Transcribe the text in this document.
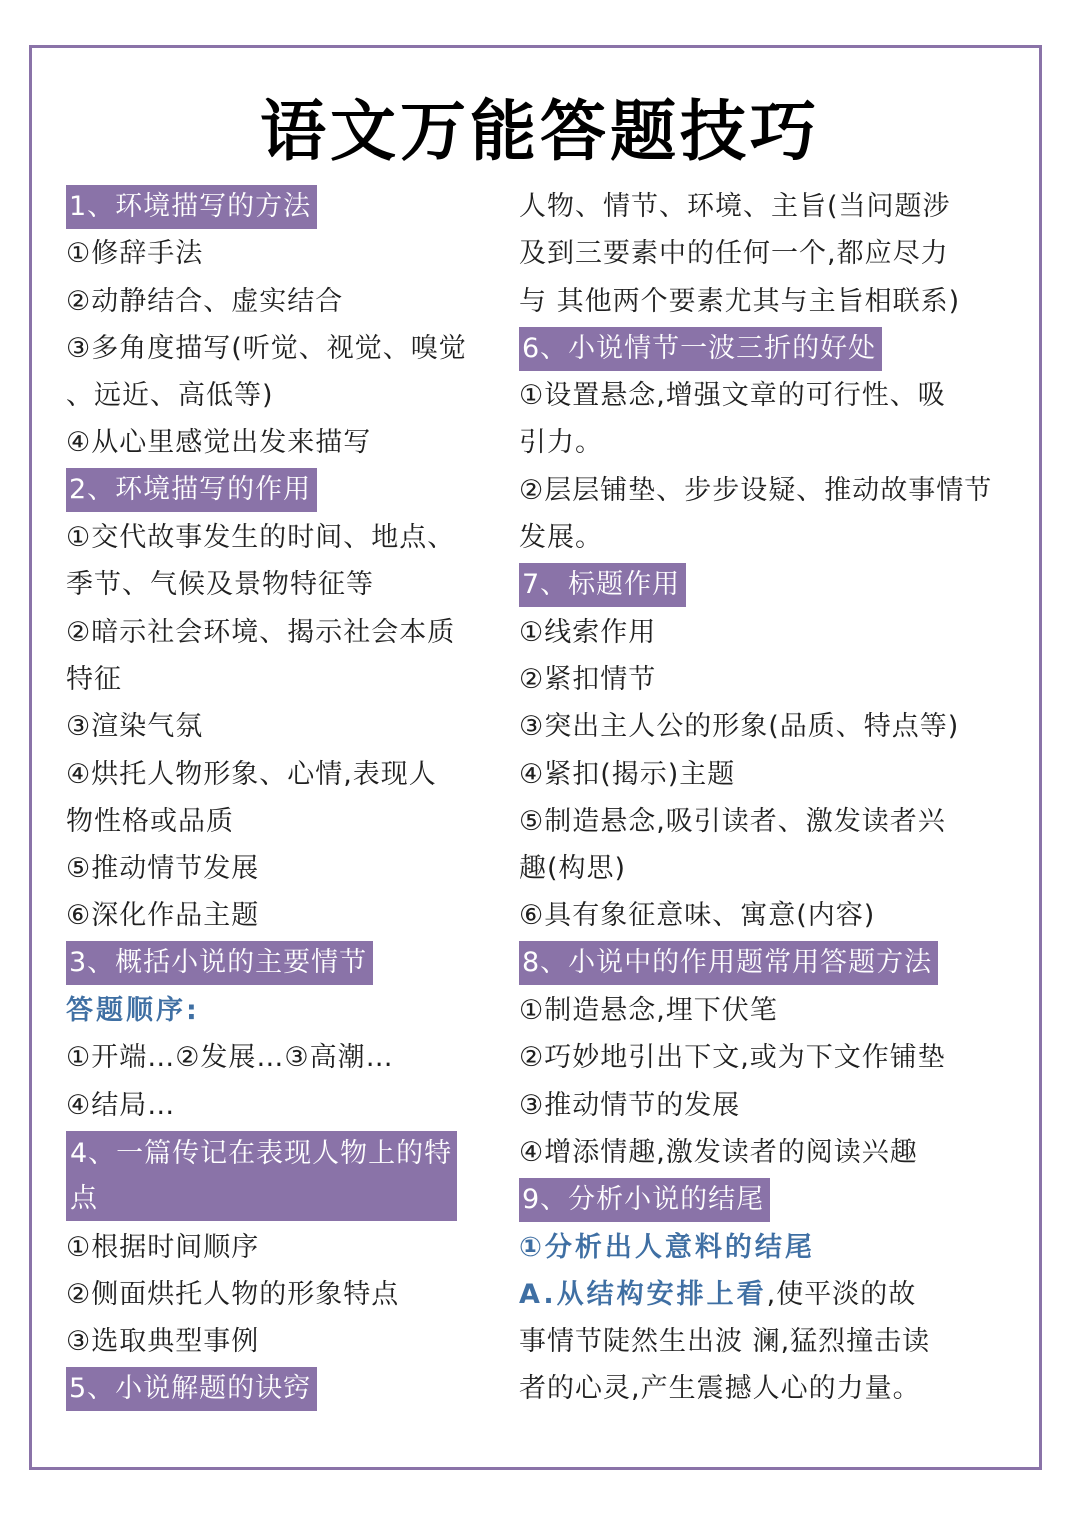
语文万能答题技巧
1、环境描写的方法
①修辞手法
②动静结合、虚实结合
③多角度描写(听觉、视觉、嗅觉
、远近、高低等)
④从心里感觉出发来描写
2、环境描写的作用
①交代故事发生的时间、地点、
季节、气候及景物特征等
②暗示社会环境、揭示社会本质
特征
③渲染气氛
④烘托人物形象、心情,表现人
物性格或品质
⑤推动情节发展
⑥深化作品主题
3、概括小说的主要情节
答题顺序:
①开端…②发展…③高潮…
④结局…
4、一篇传记在表现人物上的特点
①根据时间顺序
②侧面烘托人物的形象特点
③选取典型事例
5、小说解题的诀窍
人物、情节、环境、主旨(当问题涉
及到三要素中的任何一个,都应尽力
与 其他两个要素尤其与主旨相联系)
6、小说情节一波三折的好处
①设置悬念,增强文章的可行性、吸
引力。
②层层铺垫、步步设疑、推动故事情节
发展。
7、标题作用
①线索作用
②紧扣情节
③突出主人公的形象(品质、特点等)
④紧扣(揭示)主题
⑤制造悬念,吸引读者、激发读者兴
趣(构思)
⑥具有象征意味、寓意(内容)
8、小说中的作用题常用答题方法
①制造悬念,埋下伏笔
②巧妙地引出下文,或为下文作铺垫
③推动情节的发展
④增添情趣,激发读者的阅读兴趣
9、分析小说的结尾
①分析出人意料的结尾
A.从结构安排上看,使平淡的故
事情节陡然生出波 澜,猛烈撞击读
者的心灵,产生震撼人心的力量。
